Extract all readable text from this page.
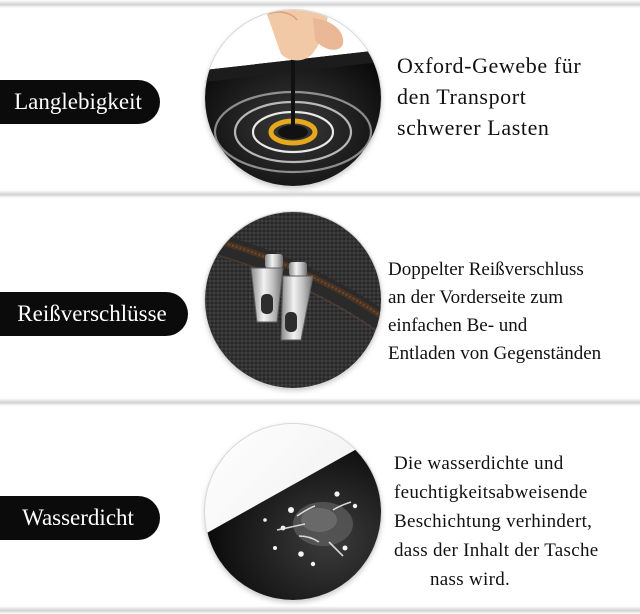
Langlebigkeit
Oxford-Gewebe für
den Transport
schwerer Lasten
Reißverschlüsse
Doppelter Reißverschluss
an der Vorderseite zum
einfachen Be- und
Entladen von Gegenständen
Wasserdicht
Die wasserdichte und
feuchtigkeitsabweisende
Beschichtung verhindert,
dass der Inhalt der Tasche
nass wird.
